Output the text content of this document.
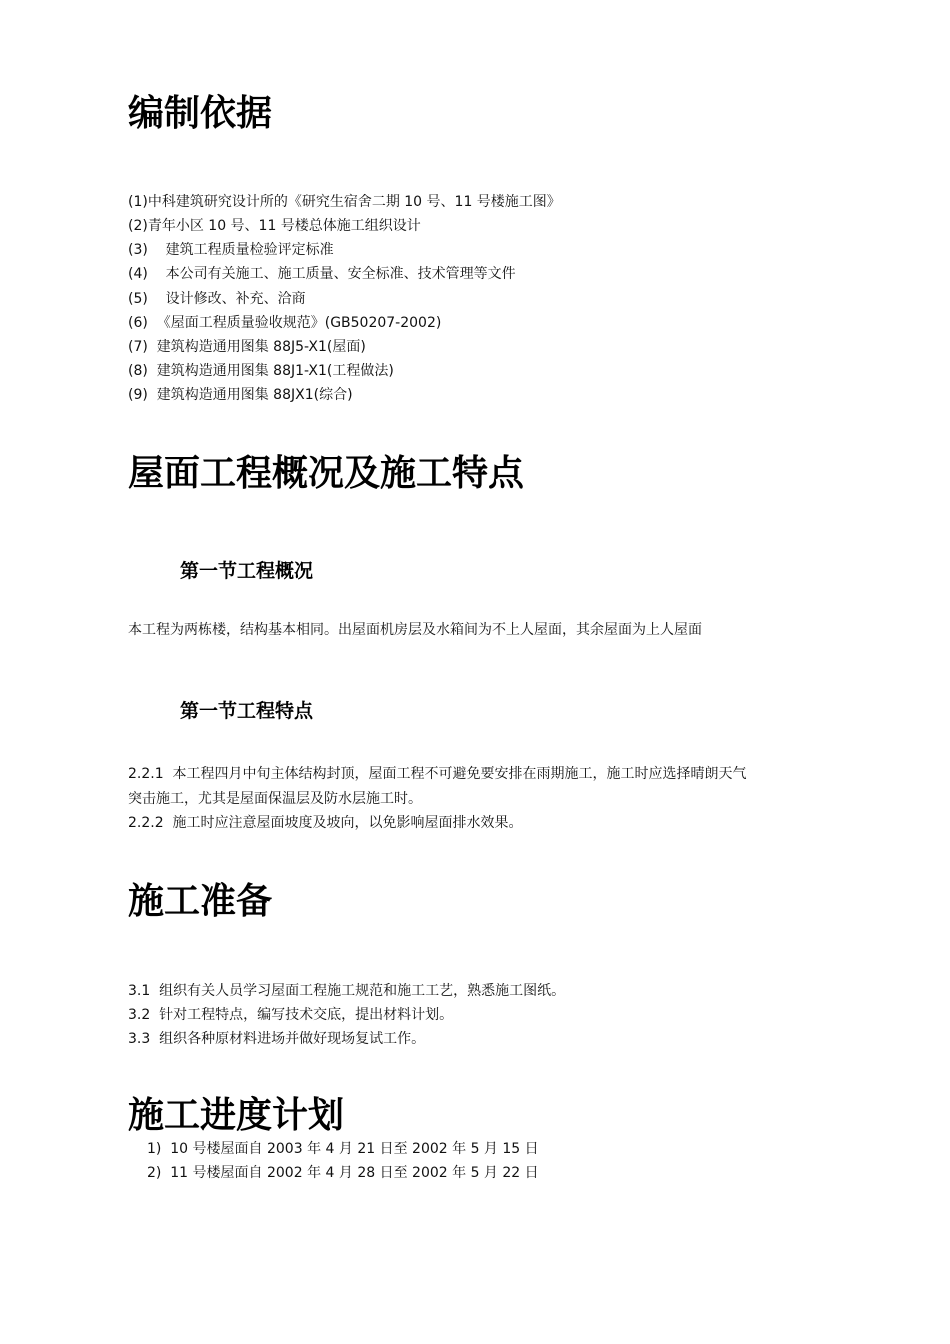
编制依据

(1)中科建筑研究设计所的《研究生宿舍二期 10 号、11 号楼施工图》

(2)青年小区 10 号、11 号楼总体施工组织设计

(3)    建筑工程质量检验评定标准

(4)    本公司有关施工、施工质量、安全标准、技术管理等文件

(5)    设计修改、补充、洽商

(6)  《屋面工程质量验收规范》(GB50207-2002)

(7)  建筑构造通用图集 88J5-X1(屋面)

(8)  建筑构造通用图集 88J1-X1(工程做法)

(9)  建筑构造通用图集 88JX1(综合)

屋面工程概况及施工特点
第一节工程概况

本工程为两栋楼，结构基本相同。出屋面机房层及水箱间为不上人屋面，其余屋面为上人屋面

第一节工程特点

2.2.1  本工程四月中旬主体结构封顶，屋面工程不可避免要安排在雨期施工，施工时应选择晴朗天气

突击施工，尤其是屋面保温层及防水层施工时。

2.2.2  施工时应注意屋面坡度及坡向，以免影响屋面排水效果。

施工准备

3.1  组织有关人员学习屋面工程施工规范和施工工艺，熟悉施工图纸。

3.2  针对工程特点，编写技术交底，提出材料计划。

3.3  组织各种原材料进场并做好现场复试工作。

施工进度计划

1)  10 号楼屋面自 2003 年 4 月 21 日至 2002 年 5 月 15 日

2)  11 号楼屋面自 2002 年 4 月 28 日至 2002 年 5 月 22 日
